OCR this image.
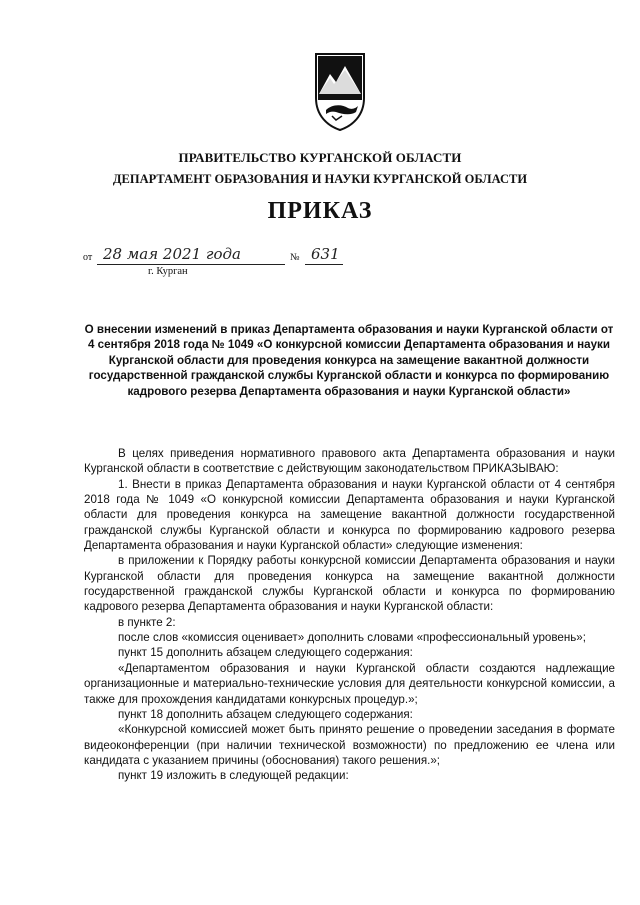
ПРАВИТЕЛЬСТВО КУРГАНСКОЙ ОБЛАСТИ
ДЕПАРТАМЕНТ ОБРАЗОВАНИЯ И НАУКИ КУРГАНСКОЙ ОБЛАСТИ
ПРИКАЗ
от 28 мая 2021 года	№ 631
г. Курган
О внесении изменений в приказ Департамента образования и науки Курганской области от 4 сентября 2018 года № 1049 «О конкурсной комиссии Департамента образования и науки Курганской области для проведения конкурса на замещение вакантной должности государственной гражданской службы Курганской области и конкурса по формированию кадрового резерва Департамента образования и науки Курганской области»

В целях приведения нормативного правового акта Департамента образования и науки Курганской области в соответствие с действующим законодательством ПРИКАЗЫВАЮ:

1. Внести в приказ Департамента образования и науки Курганской области от 4 сентября 2018 года № 1049 «О конкурсной комиссии Департамента образования и науки Курганской области для проведения конкурса на замещение вакантной должности государственной гражданской службы Курганской области и конкурса по формированию кадрового резерва Департамента образования и науки Курганской области» следующие изменения:

в приложении к Порядку работы конкурсной комиссии Департамента образования и науки Курганской области для проведения конкурса на замещение вакантной должности государственной гражданской службы Курганской области и конкурса по формированию кадрового резерва Департамента образования и науки Курганской области:

в пункте 2:

после слов «комиссия оценивает» дополнить словами «профессиональный уровень»;

пункт 15 дополнить абзацем следующего содержания:

«Департаментом образования и науки Курганской области создаются надлежащие организационные и материально-технические условия для деятельности конкурсной комиссии, а также для прохождения кандидатами конкурсных процедур.»;

пункт 18 дополнить абзацем следующего содержания:

«Конкурсной комиссией может быть принято решение о проведении заседания в формате видеоконференции (при наличии технической возможности) по предложению ее члена или кандидата с указанием причины (обоснования) такого решения.»;

пункт 19 изложить в следующей редакции:
